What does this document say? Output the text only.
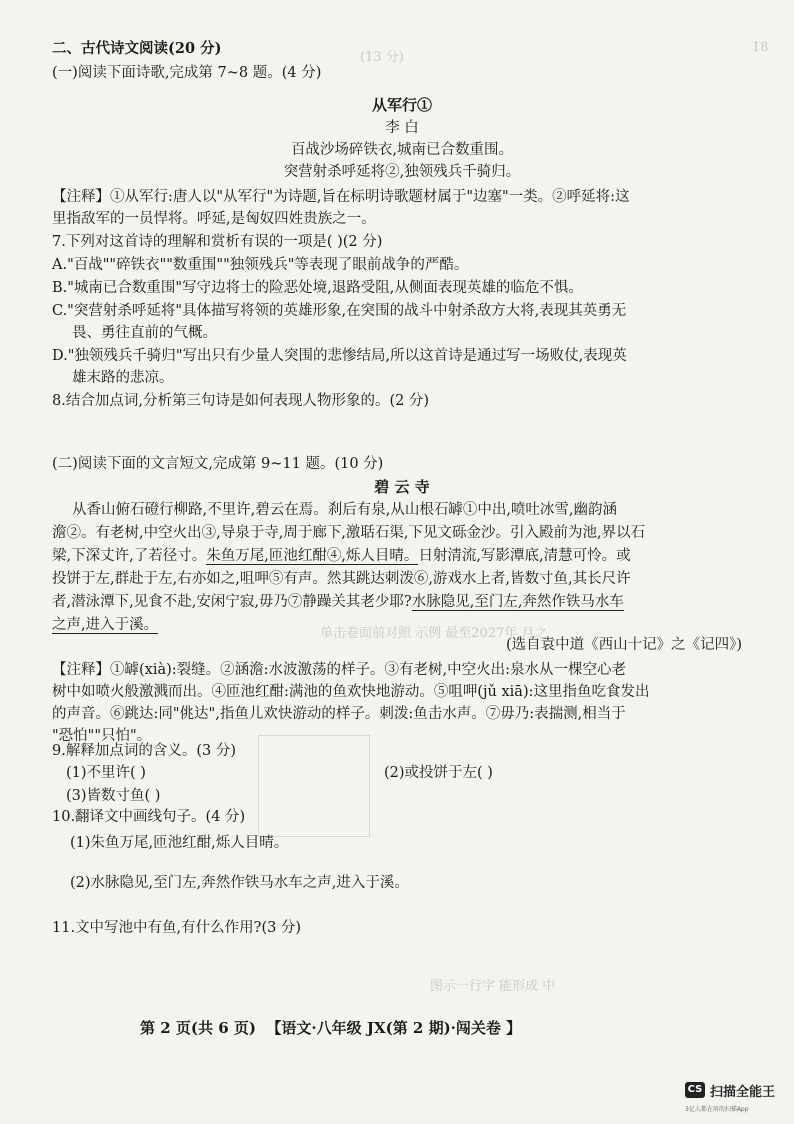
(13 分)
18
单击卷面前对照 示例 最至2027年,月之
图示一行字 能形成 中
二、古代诗文阅读(20 分)
(一)阅读下面诗歌,完成第 7~8 题。(4 分)
从军行①
李 白
百战沙场碎铁衣,城南已合数重围。
突营射杀呼延将②,独领残兵千骑归。
【注释】①从军行:唐人以"从军行"为诗题,旨在标明诗歌题材属于"边塞"一类。②呼延将:这
里指敌军的一员悍将。呼延,是匈奴四姓贵族之一。
7.下列对这首诗的理解和赏析有误的一项是( )(2 分)
A."百战""碎铁衣""数重围""独领残兵"等表现了眼前战争的严酷。
B."城南已合数重围"写守边将士的险恶处境,退路受阻,从侧面表现英雄的临危不惧。
C."突营射杀呼延将"具体描写将领的英雄形象,在突围的战斗中射杀敌方大将,表现其英勇无
畏、勇往直前的气概。
D."独领残兵千骑归"写出只有少量人突围的悲惨结局,所以这首诗是通过写一场败仗,表现英
雄末路的悲凉。
8.结合加点词,分析第三句诗是如何表现人物形象的。(2 分)
(二)阅读下面的文言短文,完成第 9~11 题。(10 分)
碧 云 寺
从香山俯石磴行柳路,不里许,碧云在焉。刹后有泉,从山根石罅①中出,喷吐冰雪,幽韵涵
澹②。有老树,中空火出③,导泉于寺,周于廊下,激聒石渠,下见文砾金沙。引入殿前为池,界以石
梁,下深丈许,了若径寸。朱鱼万尾,匝池红酣④,烁人目晴。日射清流,写影潭底,清慧可怜。或
投饼于左,群赴于左,右亦如之,咀呷⑤有声。然其跳达刺泼⑥,游戏水上者,皆数寸鱼,其长尺许
者,潜泳潭下,见食不赴,安闲宁寂,毋乃⑦静躁关其老少耶?水脉隐见,至门左,奔然作铁马水车
之声,进入于溪。
(选自袁中道《西山十记》之《记四》)
【注释】①罅(xià):裂缝。②涵澹:水波激荡的样子。③有老树,中空火出:泉水从一棵空心老
树中如喷火般激溅而出。④匝池红酣:满池的鱼欢快地游动。⑤咀呷(jǔ xiā):这里指鱼吃食发出
的声音。⑥跳达:同"佻达",指鱼儿欢快游动的样子。刺泼:鱼击水声。⑦毋乃:表揣测,相当于
"恐怕""只怕"。
9.解释加点词的含义。(3 分)
(1)不里许( )	(2)或投饼于左( )
(3)皆数寸鱼( )
10.翻译文中画线句子。(4 分)
(1)朱鱼万尾,匝池红酣,烁人目晴。
(2)水脉隐见,至门左,奔然作铁马水车之声,进入于溪。
11.文中写池中有鱼,有什么作用?(3 分)
第 2 页(共 6 页) 【语文·八年级 JX(第 2 期)·闯关卷 】
CS 扫描全能王
3亿人都在用的扫描App
